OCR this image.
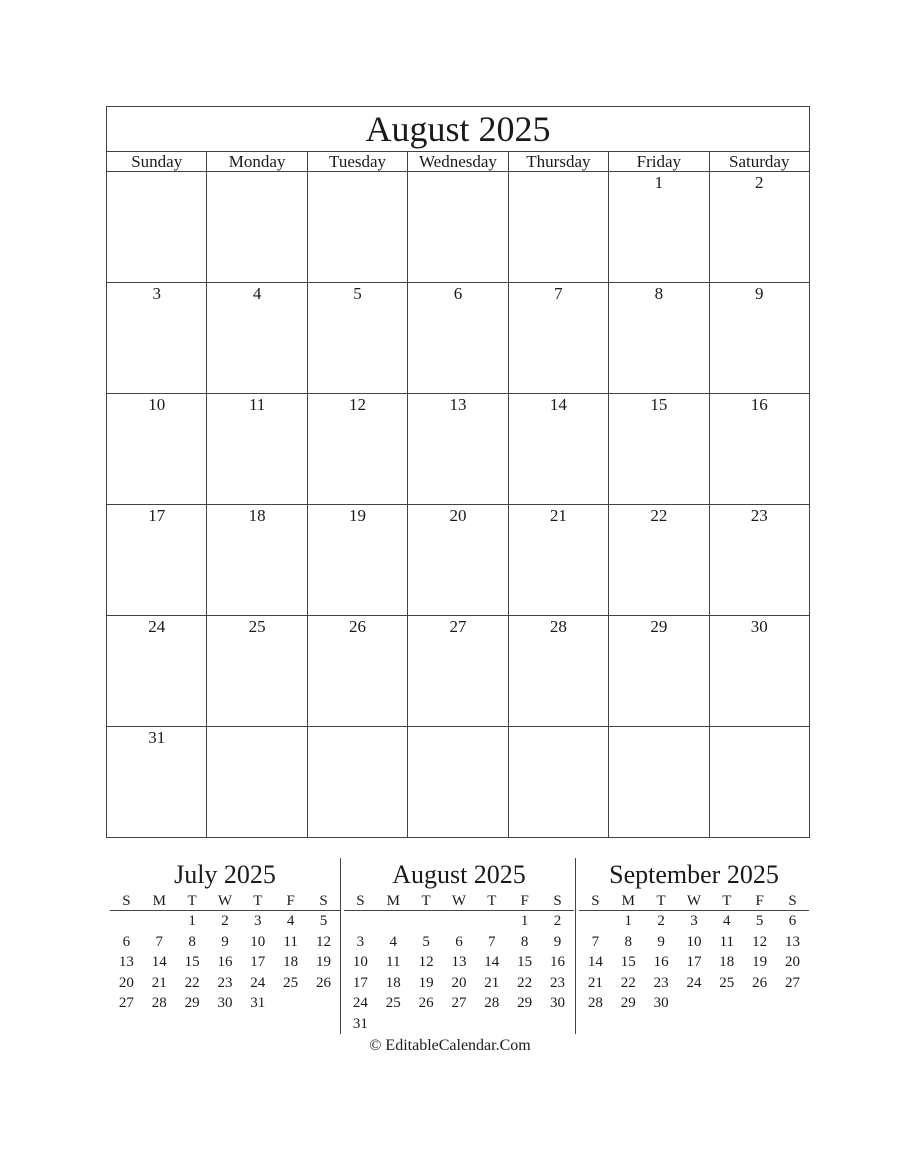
August 2025						
Sunday	Monday	Tuesday	Wednesday	Thursday	Friday	Saturday
					1	2
3	4	5	6	7	8	9
10	11	12	13	14	15	16
17	18	19	20	21	22	23
24	25	26	27	28	29	30
31						
July 2025						
S	M	T	W	T	F	S
		1	2	3	4	5
6	7	8	9	10	11	12
13	14	15	16	17	18	19
20	21	22	23	24	25	26
27	28	29	30	31		
August 2025						
S	M	T	W	T	F	S
					1	2
3	4	5	6	7	8	9
10	11	12	13	14	15	16
17	18	19	20	21	22	23
24	25	26	27	28	29	30
31						
September 2025						
S	M	T	W	T	F	S
	1	2	3	4	5	6
7	8	9	10	11	12	13
14	15	16	17	18	19	20
21	22	23	24	25	26	27
28	29	30				
© EditableCalendar.Com
